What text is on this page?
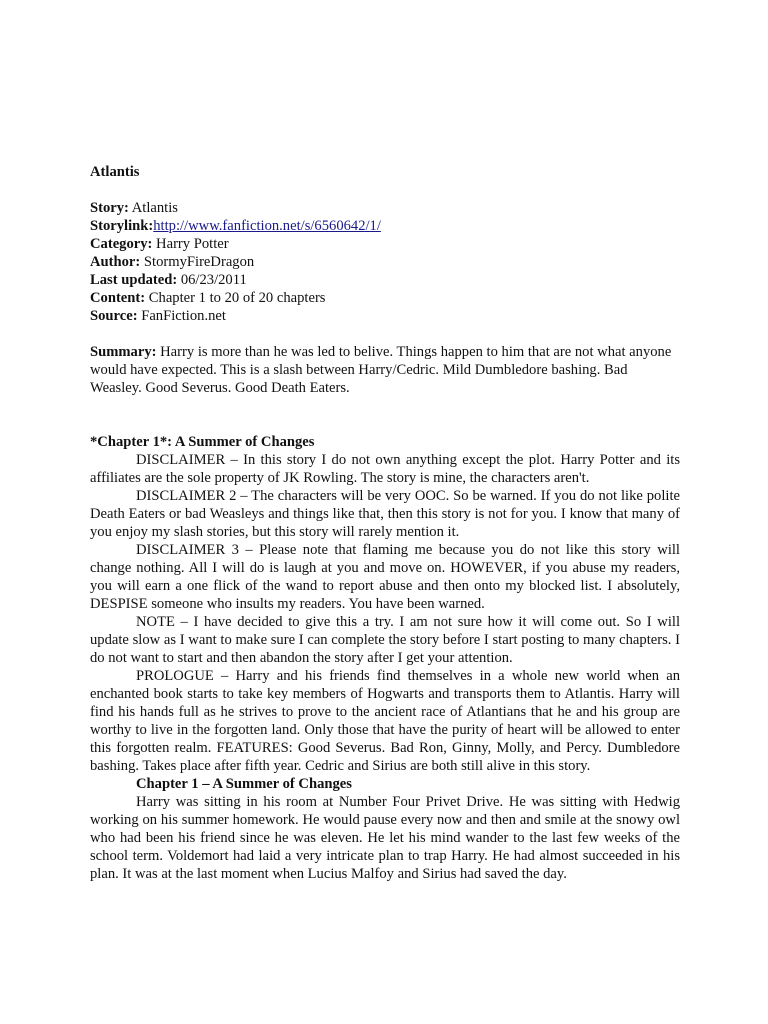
Atlantis
Story: Atlantis
Storylink:http://www.fanfiction.net/s/6560642/1/
Category: Harry Potter
Author: StormyFireDragon
Last updated: 06/23/2011
Content: Chapter 1 to 20 of 20 chapters
Source: FanFiction.net
Summary: Harry is more than he was led to belive. Things happen to him that are not what anyone would have expected. This is a slash between Harry/Cedric. Mild Dumbledore bashing. Bad Weasley. Good Severus. Good Death Eaters.
*Chapter 1*: A Summer of Changes

DISCLAIMER – In this story I do not own anything except the plot. Harry Potter and its affiliates are the sole property of JK Rowling. The story is mine, the characters aren't.

DISCLAIMER 2 – The characters will be very OOC. So be warned. If you do not like polite Death Eaters or bad Weasleys and things like that, then this story is not for you. I know that many of you enjoy my slash stories, but this story will rarely mention it.

DISCLAIMER 3 – Please note that flaming me because you do not like this story will change nothing. All I will do is laugh at you and move on. HOWEVER, if you abuse my readers, you will earn a one flick of the wand to report abuse and then onto my blocked list. I absolutely, DESPISE someone who insults my readers. You have been warned.

NOTE – I have decided to give this a try. I am not sure how it will come out. So I will update slow as I want to make sure I can complete the story before I start posting to many chapters. I do not want to start and then abandon the story after I get your attention.

PROLOGUE – Harry and his friends find themselves in a whole new world when an enchanted book starts to take key members of Hogwarts and transports them to Atlantis. Harry will find his hands full as he strives to prove to the ancient race of Atlantians that he and his group are worthy to live in the forgotten land. Only those that have the purity of heart will be allowed to enter this forgotten realm. FEATURES: Good Severus. Bad Ron, Ginny, Molly, and Percy. Dumbledore bashing. Takes place after fifth year. Cedric and Sirius are both still alive in this story.

Chapter 1 – A Summer of Changes

Harry was sitting in his room at Number Four Privet Drive. He was sitting with Hedwig working on his summer homework. He would pause every now and then and smile at the snowy owl who had been his friend since he was eleven. He let his mind wander to the last few weeks of the school term. Voldemort had laid a very intricate plan to trap Harry. He had almost succeeded in his plan. It was at the last moment when Lucius Malfoy and Sirius had saved the day.
